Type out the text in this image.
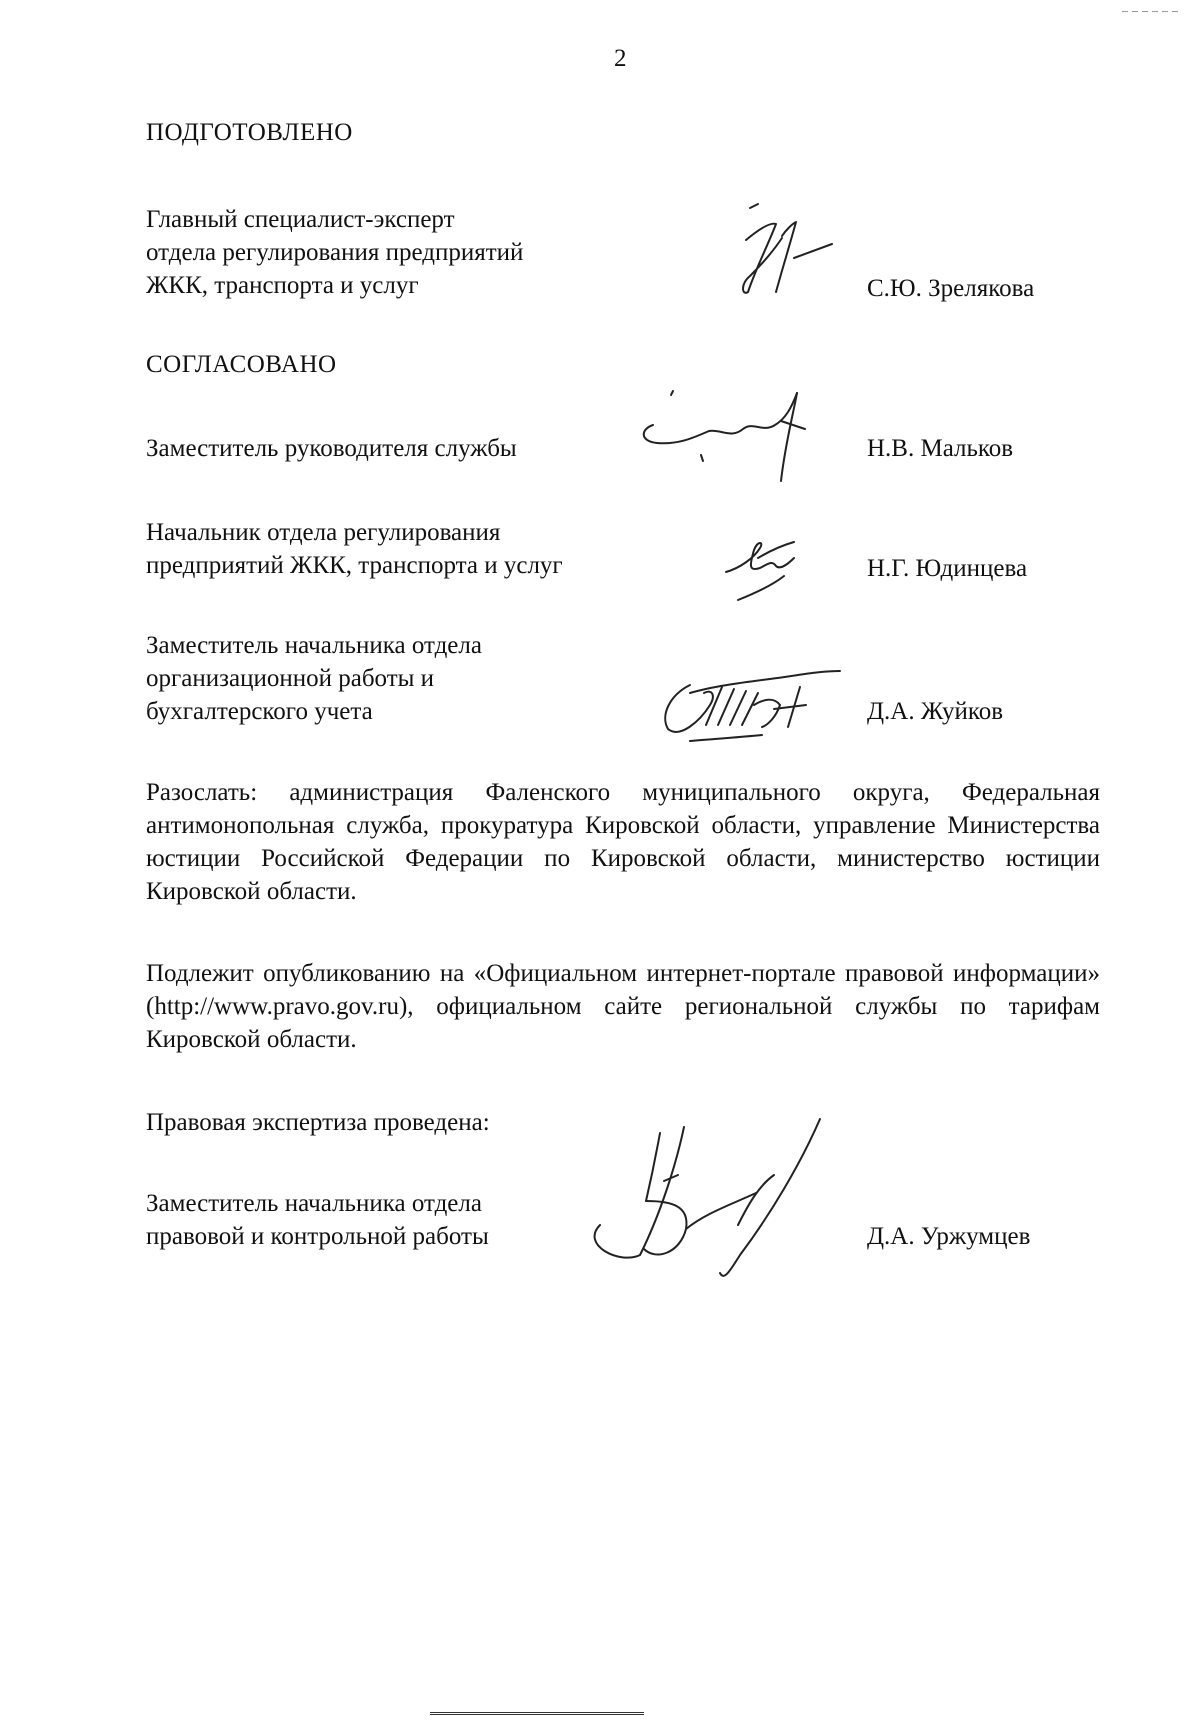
2
ПОДГОТОВЛЕНО
Главный специалист-эксперт
отдела регулирования предприятий
ЖКК, транспорта и услуг	С.Ю. Зрелякова
СОГЛАСОВАНО
Заместитель руководителя службы	Н.В. Мальков
Начальник отдела регулирования
предприятий ЖКК, транспорта и услуг	Н.Г. Юдинцева
Заместитель начальника отдела
организационной работы и
бухгалтерского учета	Д.А. Жуйков
Разослать: администрация Фаленского муниципального округа, Федеральная антимонопольная служба, прокуратура Кировской области, управление Министерства юстиции Российской Федерации по Кировской области, министерство юстиции Кировской области.
Подлежит опубликованию на «Официальном интернет-портале правовой информации» (http://www.pravo.gov.ru), официальном сайте региональной службы по тарифам Кировской области.
Правовая экспертиза проведена:
Заместитель начальника отдела
правовой и контрольной работы	Д.А. Уржумцев
